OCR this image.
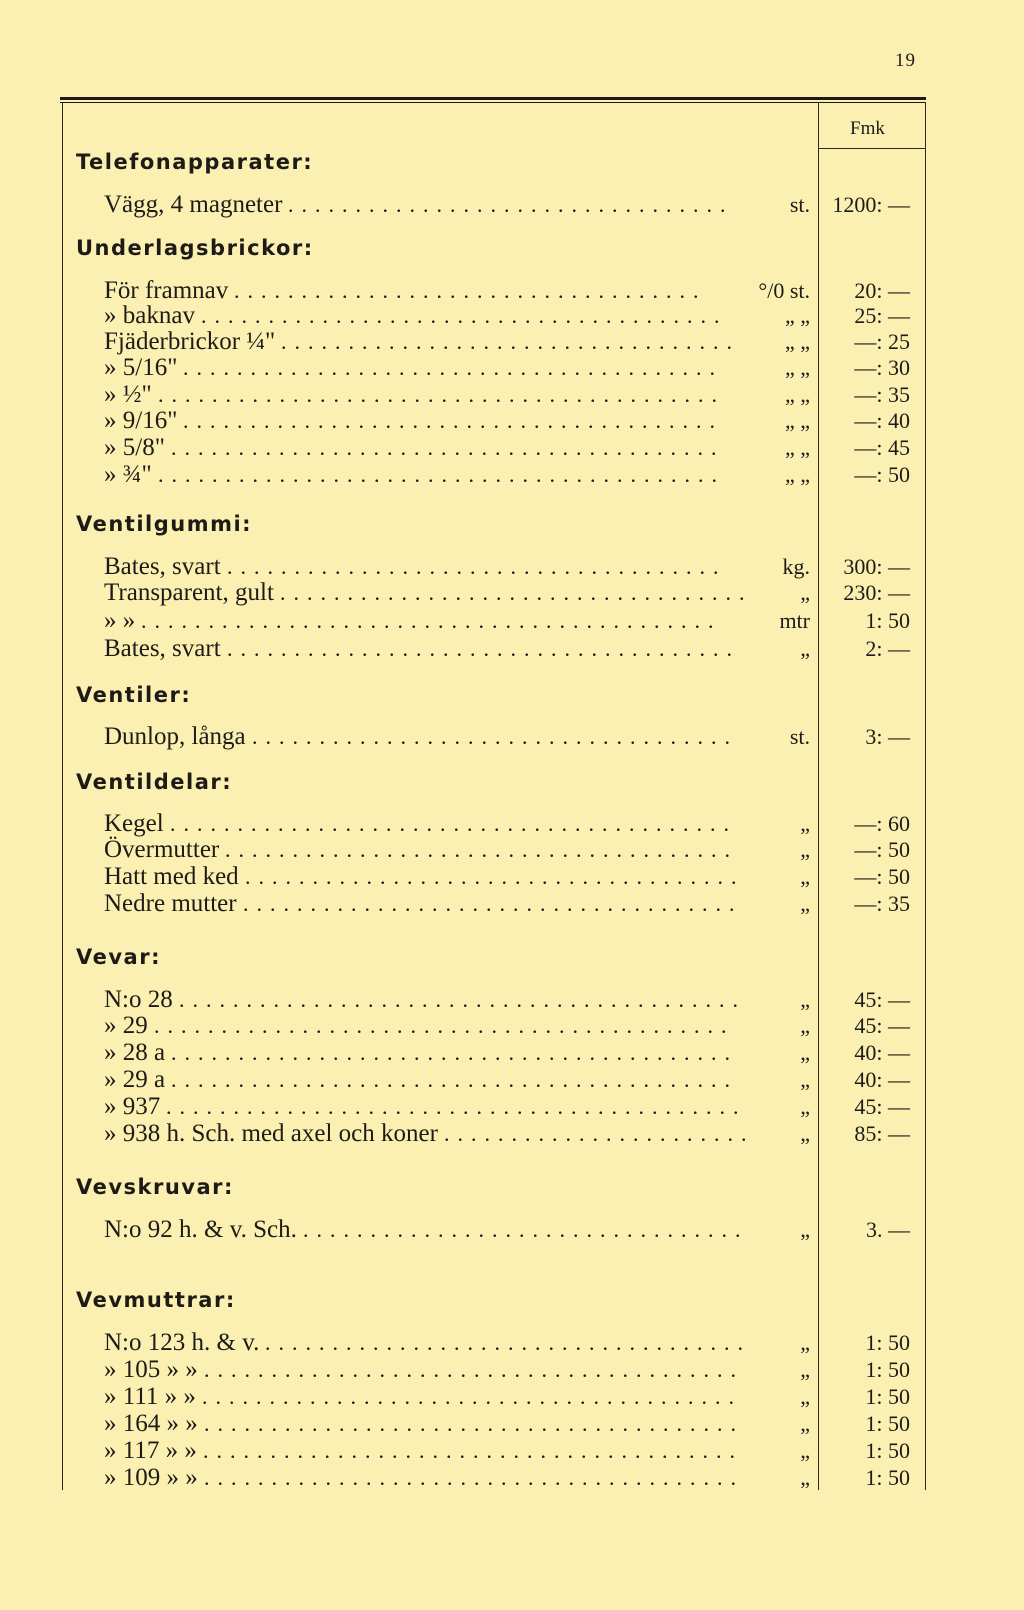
19
Fmk
Telefonapparater:
Vägg, 4 magneter .................................	st.	1200: —
Underlagsbrickor:
För framnav ...................................	°/0 st.	20: —
» baknav .......................................	„ „	25: —
Fjäderbrickor ¼" ..................................	„ „	—: 25
» 5/16" ........................................	„ „	—: 30
» ½" ..........................................	„ „	—: 35
» 9/16" ........................................	„ „	—: 40
» 5/8" .........................................	„ „	—: 45
» ¾" ..........................................	„ „	—: 50
Ventilgummi:
Bates, svart .....................................	kg.	300: —
Transparent, gult ...................................	„	230: —
» » ...........................................	mtr	1: 50
Bates, svart ......................................	„	2: —
Ventiler:
Dunlop, långa ....................................	st.	3: —
Ventildelar:
Kegel ..........................................	„	—: 60
Övermutter ......................................	„	—: 50
Hatt med ked .....................................	„	—: 50
Nedre mutter .....................................	„	—: 35
Vevar:
N:o 28 ..........................................	„	45: —
» 29 ...........................................	„	45: —
» 28 a ..........................................	„	40: —
» 29 a ..........................................	„	40: —
» 937 ...........................................	„	45: —
» 938 h. Sch. med axel och koner .......................	„	85: —
Vevskruvar:
N:o 92 h. & v. Sch. .................................	„	3. —
Vevmuttrar:
N:o 123 h. & v. ....................................	„	1: 50
» 105 » » ........................................	„	1: 50
» 111 » » ........................................	„	1: 50
» 164 » » ........................................	„	1: 50
» 117 » » ........................................	„	1: 50
» 109 » » ........................................	„	1: 50
